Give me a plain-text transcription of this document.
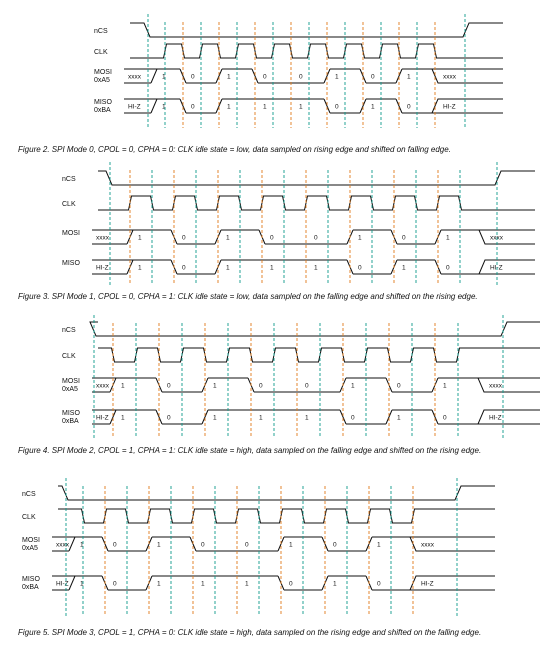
nCS
CLK
MOSI
0xA5	xxxx	1	0	1	0	0	1	0	1	xxxx
MISO
0xBA	HI-Z	1	0	1	1	1	0	1	0	HI-Z
nCS
CLK
MOSI
xxxx	1	0	1	0	0	1	0	1	xxxx
MISO
HI-Z	1	0	1	1	1	0	1	0	HI-Z
nCS
CLK
MOSI
0xA5	xxxx 1	0	1	0	0	1	0	1	xxxx
MISO
0xBA	HI-Z 1	0	1	1	1	0	1	0	HI-Z
nCS
CLK
MOSI
0xA5	xxxx 1	0	1	0	0	1	0	1	xxxx
MISO
0xBA	HI-Z 1	0	1	1	1	0	1	0	HI-Z
Figure 2. SPI Mode 0, CPOL = 0, CPHA = 0: CLK idle state = low, data sampled on rising edge and shifted on falling edge.
Figure 3. SPI Mode 1, CPOL = 0, CPHA = 1: CLK idle state = low, data sampled on the falling edge and shifted on the rising edge.
Figure 4. SPI Mode 2, CPOL = 1, CPHA = 1: CLK idle state = high, data sampled on the falling edge and shifted on the rising edge.
Figure 5. SPI Mode 3, CPOL = 1, CPHA = 0: CLK idle state = high, data sampled on the rising edge and shifted on the falling edge.
